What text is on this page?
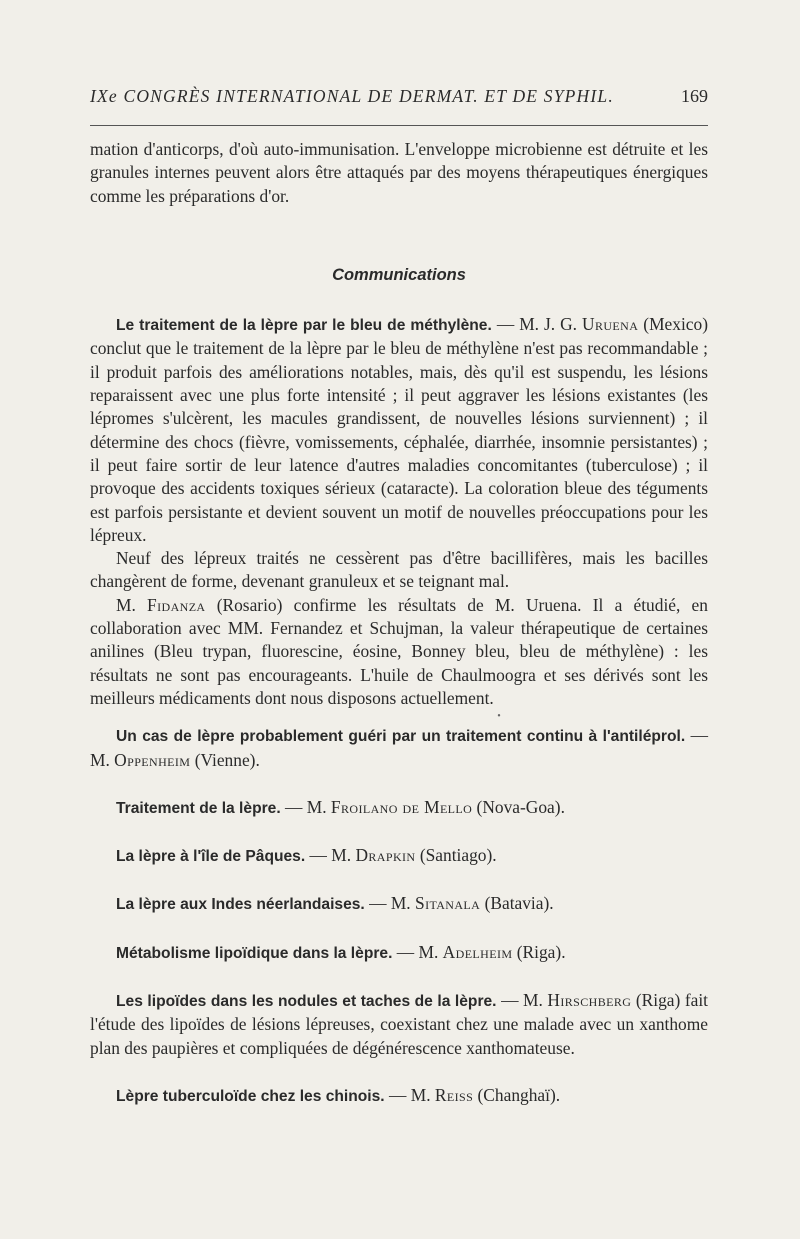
IXe CONGRÈS INTERNATIONAL DE DERMAT. ET DE SYPHIL.	169

mation d'anticorps, d'où auto-immunisation. L'enveloppe microbienne est détruite et les granules internes peuvent alors être attaqués par des moyens thérapeutiques énergiques comme les préparations d'or.

Communications

Le traitement de la lèpre par le bleu de méthylène. — M. J. G. Uruena (Mexico) conclut que le traitement de la lèpre par le bleu de méthylène n'est pas recommandable ; il produit parfois des améliorations notables, mais, dès qu'il est suspendu, les lésions reparaissent avec une plus forte intensité ; il peut aggraver les lésions existantes (les lépromes s'ulcèrent, les macules grandissent, de nouvelles lésions surviennent) ; il détermine des chocs (fièvre, vomissements, céphalée, diarrhée, insomnie persistantes) ; il peut faire sortir de leur latence d'autres maladies concomitantes (tuberculose) ; il provoque des accidents toxiques sérieux (cataracte). La coloration bleue des téguments est parfois persistante et devient souvent un motif de nouvelles préoccupations pour les lépreux.

Neuf des lépreux traités ne cessèrent pas d'être bacillifères, mais les bacilles changèrent de forme, devenant granuleux et se teignant mal.

M. Fidanza (Rosario) confirme les résultats de M. Uruena. Il a étudié, en collaboration avec MM. Fernandez et Schujman, la valeur thérapeutique de certaines anilines (Bleu trypan, fluorescine, éosine, Bonney bleu, bleu de méthylène) : les résultats ne sont pas encourageants. L'huile de Chaulmoogra et ses dérivés sont les meilleurs médicaments dont nous disposons actuellement.

•

Un cas de lèpre probablement guéri par un traitement continu à l'antiléprol. — M. Oppenheim (Vienne).

Traitement de la lèpre. — M. Froilano de Mello (Nova-Goa).

La lèpre à l'île de Pâques. — M. Drapkin (Santiago).

La lèpre aux Indes néerlandaises. — M. Sitanala (Batavia).

Métabolisme lipoïdique dans la lèpre. — M. Adelheim (Riga).

Les lipoïdes dans les nodules et taches de la lèpre. — M. Hirschberg (Riga) fait l'étude des lipoïdes de lésions lépreuses, coexistant chez une malade avec un xanthome plan des paupières et compliquées de dégénérescence xanthomateuse.

Lèpre tuberculoïde chez les chinois. — M. Reiss (Changhaï).
